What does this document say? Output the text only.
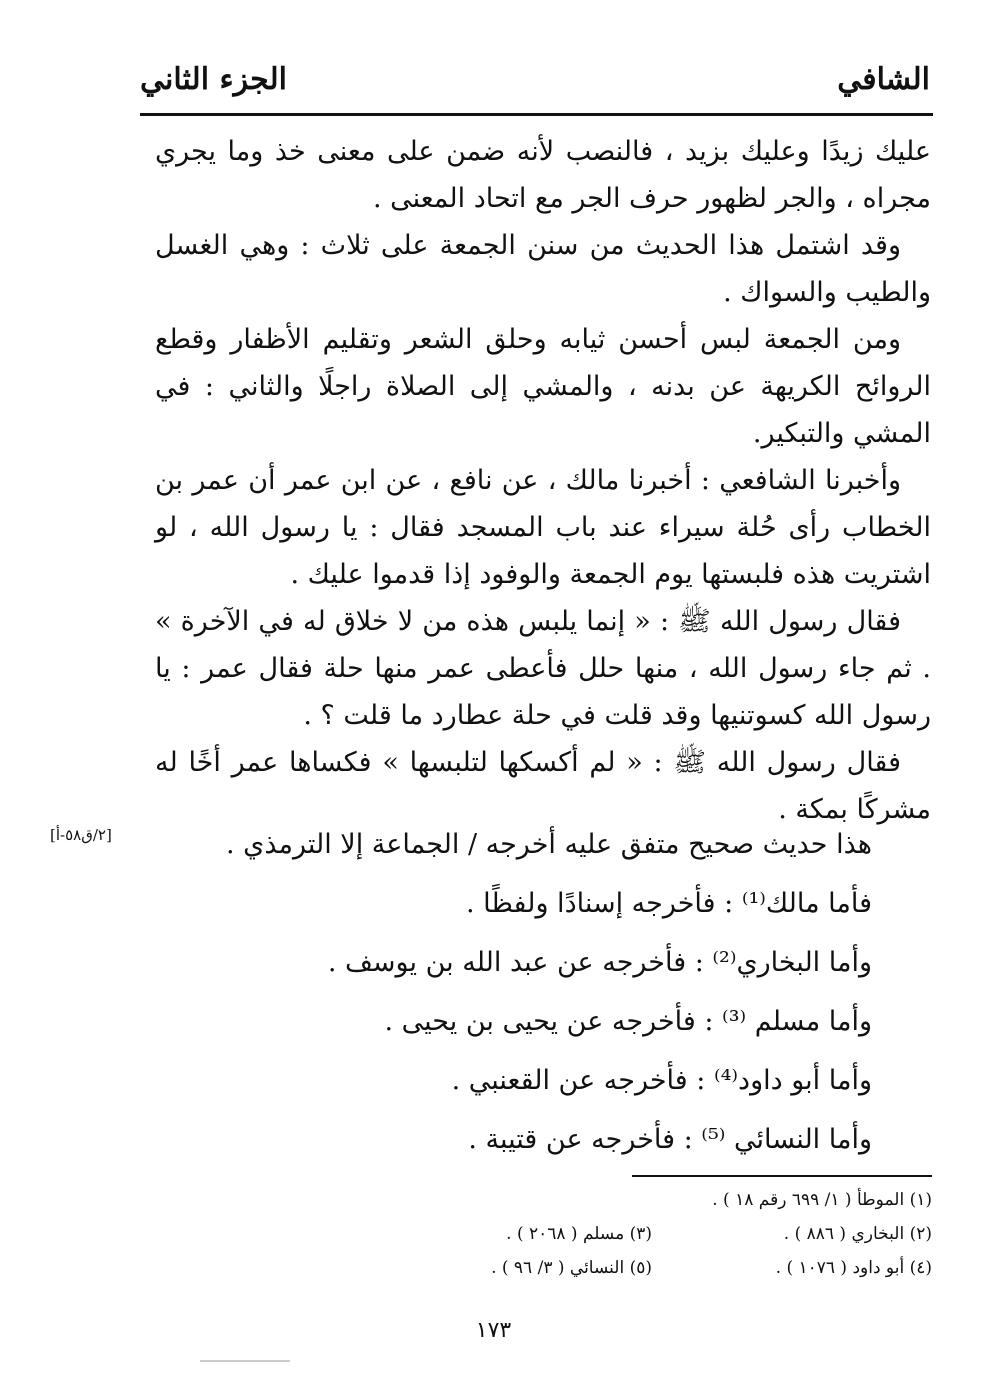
الشافي
الجزء الثاني

عليك زيدًا وعليك بزيد ، فالنصب لأنه ضمن على معنى خذ وما يجري مجراه ، والجر لظهور حرف الجر مع اتحاد المعنى .

وقد اشتمل هذا الحديث من سنن الجمعة على ثلاث : وهي الغسل والطيب والسواك .

ومن الجمعة لبس أحسن ثيابه وحلق الشعر وتقليم الأظفار وقطع الروائح الكريهة عن بدنه ، والمشي إلى الصلاة راجلًا والثاني : في المشي والتبكير.

وأخبرنا الشافعي : أخبرنا مالك ، عن نافع ، عن ابن عمر أن عمر بن الخطاب رأى حُلة سيراء عند باب المسجد فقال : يا رسول الله ، لو اشتريت هذه فلبستها يوم الجمعة والوفود إذا قدموا عليك .

فقال رسول الله ﷺ : « إنما يلبس هذه من لا خلاق له في الآخرة » . ثم جاء رسول الله ، منها حلل فأعطى عمر منها حلة فقال عمر : يا رسول الله كسوتنيها وقد قلت في حلة عطارد ما قلت ؟ .

فقال رسول الله ﷺ : « لم أكسكها لتلبسها » فكساها عمر أخًا له مشركًا بمكة .

[٢/ق٥٨-أ]	هذا حديث صحيح متفق عليه أخرجه / الجماعة إلا الترمذي .
فأما مالك⁽¹⁾ : فأخرجه إسنادًا ولفظًا .
وأما البخاري⁽²⁾ : فأخرجه عن عبد الله بن يوسف .
وأما مسلم ⁽³⁾ : فأخرجه عن يحيى بن يحيى .
وأما أبو داود⁽⁴⁾ : فأخرجه عن القعنبي .
وأما النسائي ⁽⁵⁾ : فأخرجه عن قتيبة .
(١) الموطأ ( ١/ ٦٩٩ رقم ١٨ ) .
(٢) البخاري ( ٨٨٦ ) .
(٣) مسلم ( ٢٠٦٨ ) .
(٤) أبو داود ( ١٠٧٦ ) .
(٥) النسائي ( ٣/ ٩٦ ) .
١٧٣
